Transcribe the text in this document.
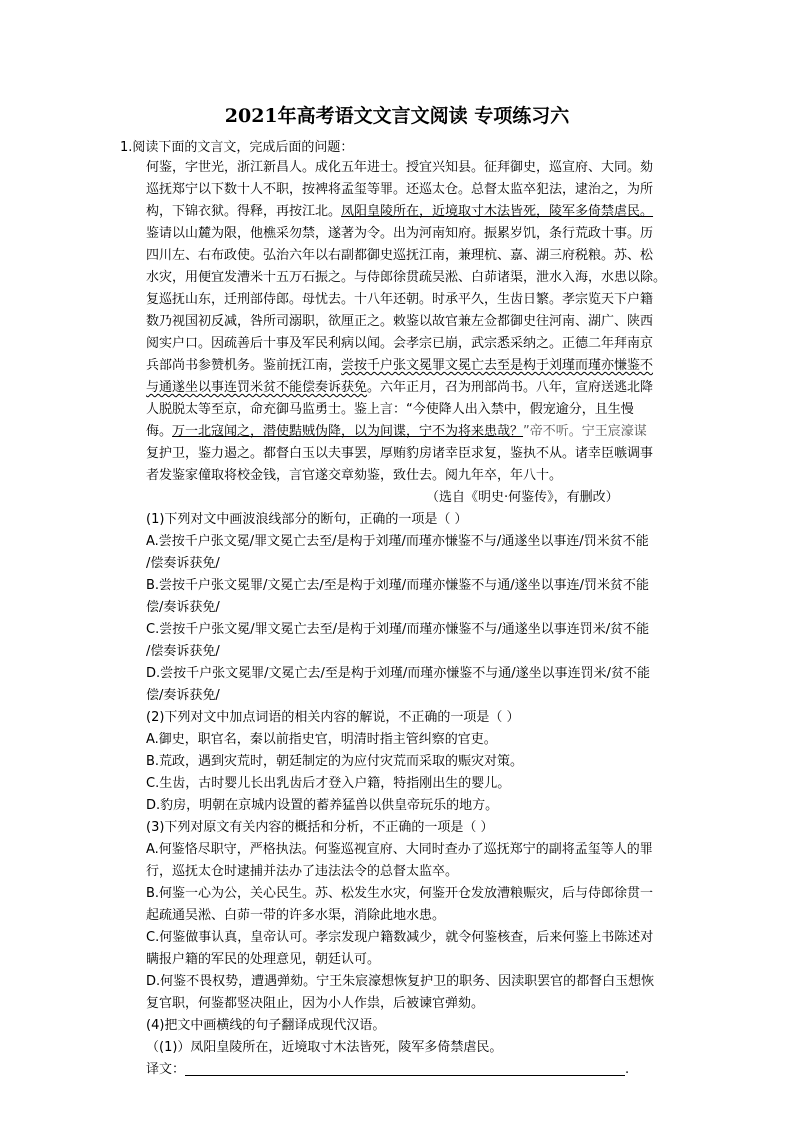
2021年高考语文文言文阅读 专项练习六
1.阅读下面的文言文，完成后面的问题：
何鉴，字世光，浙江新昌人。成化五年进士。授宜兴知县。征拜御史，巡宣府、大同。劾
巡抚郑宁以下数十人不职，按裨将孟玺等罪。还巡太仓。总督太监卒犯法，逮治之，为所
构，下锦衣狱。得释，再按江北。凤阳皇陵所在，近境取寸木法皆死，陵军多倚禁虐民。
鉴请以山麓为限，他樵采勿禁，遂著为令。出为河南知府。振累岁饥，条行荒政十事。历
四川左、右布政使。弘治六年以右副都御史巡抚江南，兼理杭、嘉、湖三府税粮。苏、松
水灾，用便宜发漕米十五万石振之。与侍郎徐贯疏吴淞、白茆诸渠，泄水入海，水患以除。
复巡抚山东，迁刑部侍郎。母忧去。十八年还朝。时承平久，生齿日繁。孝宗览天下户籍
数乃视国初反减，咎所司溺职，欲厘正之。敕鉴以故官兼左佥都御史往河南、湖广、陕西
阅实户口。因疏善后十事及军民利病以闻。会孝宗已崩，武宗悉采纳之。正德二年拜南京
兵部尚书参赞机务。鉴前抚江南，尝按千户张文冕罪文冕亡去至是构于刘瑾而瑾亦慊鉴不
与通遂坐以事连罚米贫不能偿奏诉获免。六年正月，召为刑部尚书。八年，宣府送逃北降
人脱脱太等至京，命充御马监勇士。鉴上言：“今使降人出入禁中，假宠逾分，且生慢
侮。万一北寇闻之，潜使黠贼伪降，以为间谍，宁不为将来患哉？”帝不听。宁王宸濠谋
复护卫，鉴力遏之。都督白玉以夫事罢，厚贿豹房诸幸臣求复，鉴执不从。诸幸臣嗾调事
者发鉴家僮取将校金钱，言官遂交章劾鉴，致仕去。阅九年卒，年八十。
（选自《明史·何鉴传》，有删改）
(1)下列对文中画波浪线部分的断句，正确的一项是（ ）
A.尝按千户张文冕/罪文冕亡去至/是构于刘瑾/而瑾亦慊鉴不与/通遂坐以事连/罚米贫不能
/偿奏诉获免/
B.尝按千户张文冕罪/文冕亡去/至是构于刘瑾/而瑾亦慊鉴不与通/遂坐以事连/罚米贫不能
偿/奏诉获免/
C.尝按千户张文冕/罪文冕亡去至/是构于刘瑾/而瑾亦慊鉴不与/通遂坐以事连罚米/贫不能
/偿奏诉获免/
D.尝按千户张文冕罪/文冕亡去/至是构于刘瑾/而瑾亦慊鉴不与通/遂坐以事连罚米/贫不能
偿/奏诉获免/
(2)下列对文中加点词语的相关内容的解说，不正确的一项是（ ）
A.御史，职官名，秦以前指史官，明清时指主管纠察的官吏。
B.荒政，遇到灾荒时，朝廷制定的为应付灾荒而采取的赈灾对策。
C.生齿，古时婴儿长出乳齿后才登入户籍，特指刚出生的婴儿。
D.豹房，明朝在京城内设置的蓄养猛兽以供皇帝玩乐的地方。
(3)下列对原文有关内容的概括和分析，不正确的一项是（ ）
A.何鉴恪尽职守，严格执法。何鉴巡视宣府、大同时查办了巡抚郑宁的副将孟玺等人的罪
行，巡抚太仓时逮捕并法办了违法法令的总督太监卒。
B.何鉴一心为公，关心民生。苏、松发生水灾，何鉴开仓发放漕粮赈灾，后与侍郎徐贯一
起疏通吴淞、白茆一带的许多水渠，消除此地水患。
C.何鉴做事认真，皇帝认可。孝宗发现户籍数减少，就令何鉴核查，后来何鉴上书陈述对
瞒报户籍的军民的处理意见，朝廷认可。
D.何鉴不畏权势，遭遇弹劾。宁王朱宸濠想恢复护卫的职务、因渎职罢官的都督白玉想恢
复官职，何鉴都竖决阻止，因为小人作祟，后被谏官弹劾。
(4)把文中画横线的句子翻译成现代汉语。
（(1)）凤阳皇陵所在，近境取寸木法皆死，陵军多倚禁虐民。
译文：	.
